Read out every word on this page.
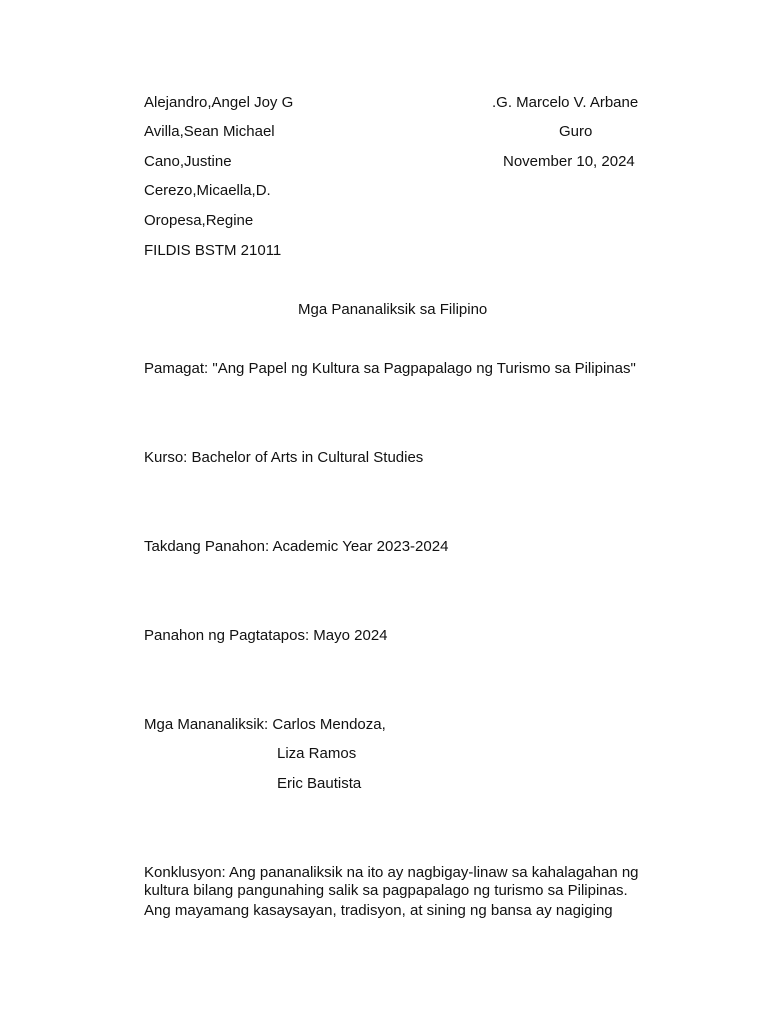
Alejandro,Angel Joy G
Avilla,Sean Michael
Cano,Justine
Cerezo,Micaella,D.
Oropesa,Regine
FILDIS BSTM 21011
.G. Marcelo V. Arbane
Guro
November 10, 2024
Mga Pananaliksik sa Filipino
Pamagat: "Ang Papel ng Kultura sa Pagpapalago ng Turismo sa Pilipinas"
Kurso: Bachelor of Arts in Cultural Studies
Takdang Panahon: Academic Year 2023-2024
Panahon ng Pagtatapos: Mayo 2024
Mga Mananaliksik: Carlos Mendoza,
Liza Ramos
Eric Bautista
Konklusyon: Ang pananaliksik na ito ay nagbigay-linaw sa kahalagahan ng
kultura bilang pangunahing salik sa pagpapalago ng turismo sa Pilipinas.
Ang mayamang kasaysayan, tradisyon, at sining ng bansa ay nagiging
